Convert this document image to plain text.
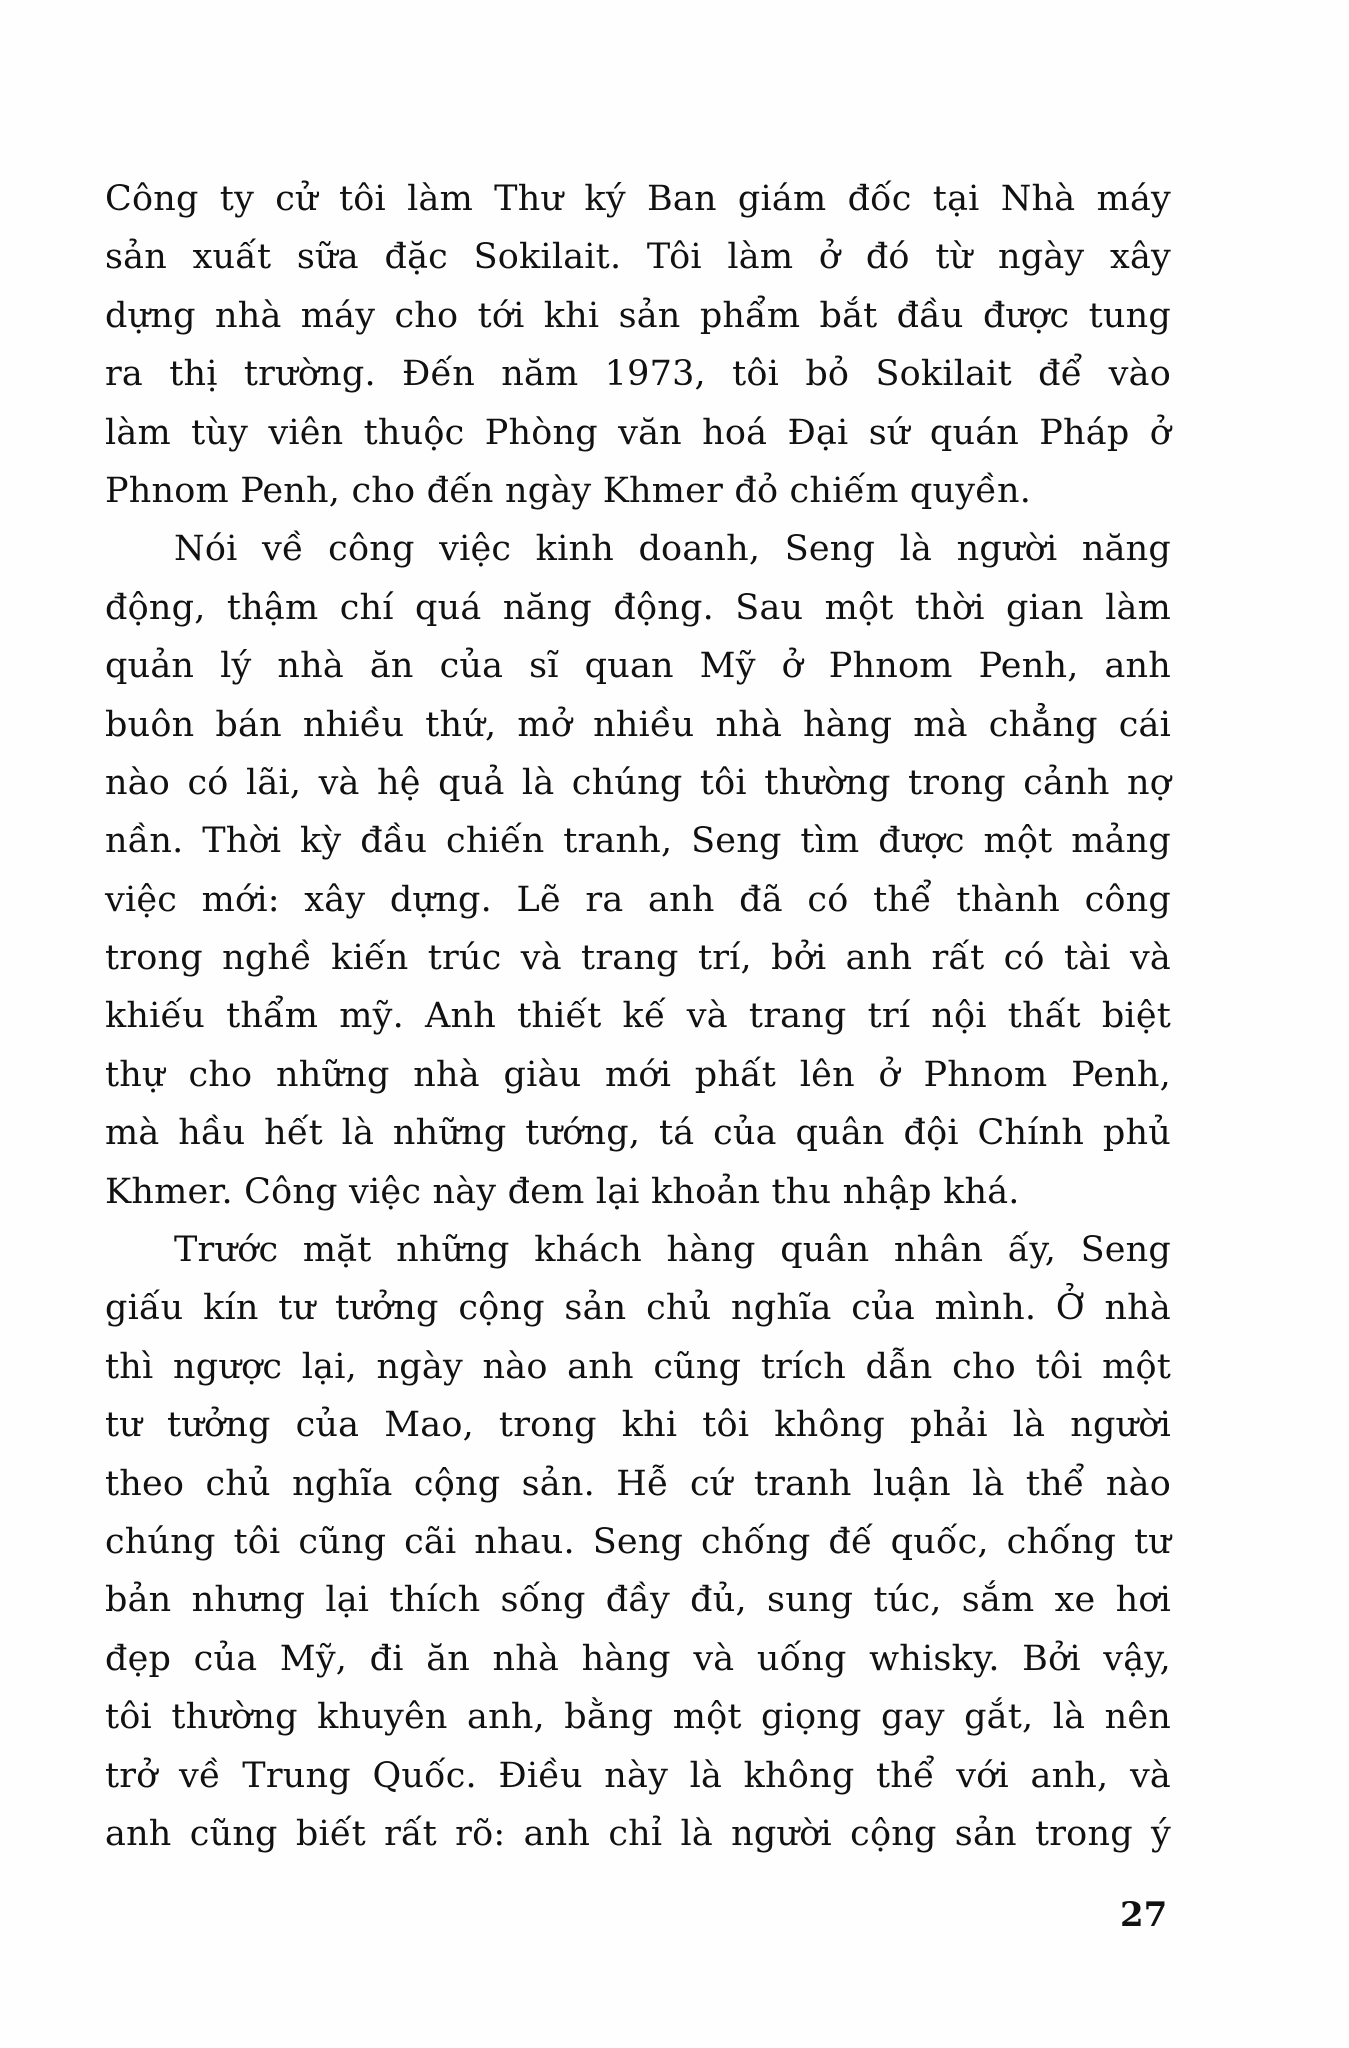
Công ty cử tôi làm Thư ký Ban giám đốc tại Nhà máy
sản xuất sữa đặc Sokilait. Tôi làm ở đó từ ngày xây
dựng nhà máy cho tới khi sản phẩm bắt đầu được tung
ra thị trường. Đến năm 1973, tôi bỏ Sokilait để vào
làm tùy viên thuộc Phòng văn hoá Đại sứ quán Pháp ở
Phnom Penh, cho đến ngày Khmer đỏ chiếm quyền.
Nói về công việc kinh doanh, Seng là người năng
động, thậm chí quá năng động. Sau một thời gian làm
quản lý nhà ăn của sĩ quan Mỹ ở Phnom Penh, anh
buôn bán nhiều thứ, mở nhiều nhà hàng mà chẳng cái
nào có lãi, và hệ quả là chúng tôi thường trong cảnh nợ
nần. Thời kỳ đầu chiến tranh, Seng tìm được một mảng
việc mới: xây dựng. Lẽ ra anh đã có thể thành công
trong nghề kiến trúc và trang trí, bởi anh rất có tài và
khiếu thẩm mỹ. Anh thiết kế và trang trí nội thất biệt
thự cho những nhà giàu mới phất lên ở Phnom Penh,
mà hầu hết là những tướng, tá của quân đội Chính phủ
Khmer. Công việc này đem lại khoản thu nhập khá.
Trước mặt những khách hàng quân nhân ấy, Seng
giấu kín tư tưởng cộng sản chủ nghĩa của mình. Ở nhà
thì ngược lại, ngày nào anh cũng trích dẫn cho tôi một
tư tưởng của Mao, trong khi tôi không phải là người
theo chủ nghĩa cộng sản. Hễ cứ tranh luận là thể nào
chúng tôi cũng cãi nhau. Seng chống đế quốc, chống tư
bản nhưng lại thích sống đầy đủ, sung túc, sắm xe hơi
đẹp của Mỹ, đi ăn nhà hàng và uống whisky. Bởi vậy,
tôi thường khuyên anh, bằng một giọng gay gắt, là nên
trở về Trung Quốc. Điều này là không thể với anh, và
anh cũng biết rất rõ: anh chỉ là người cộng sản trong ý
27
